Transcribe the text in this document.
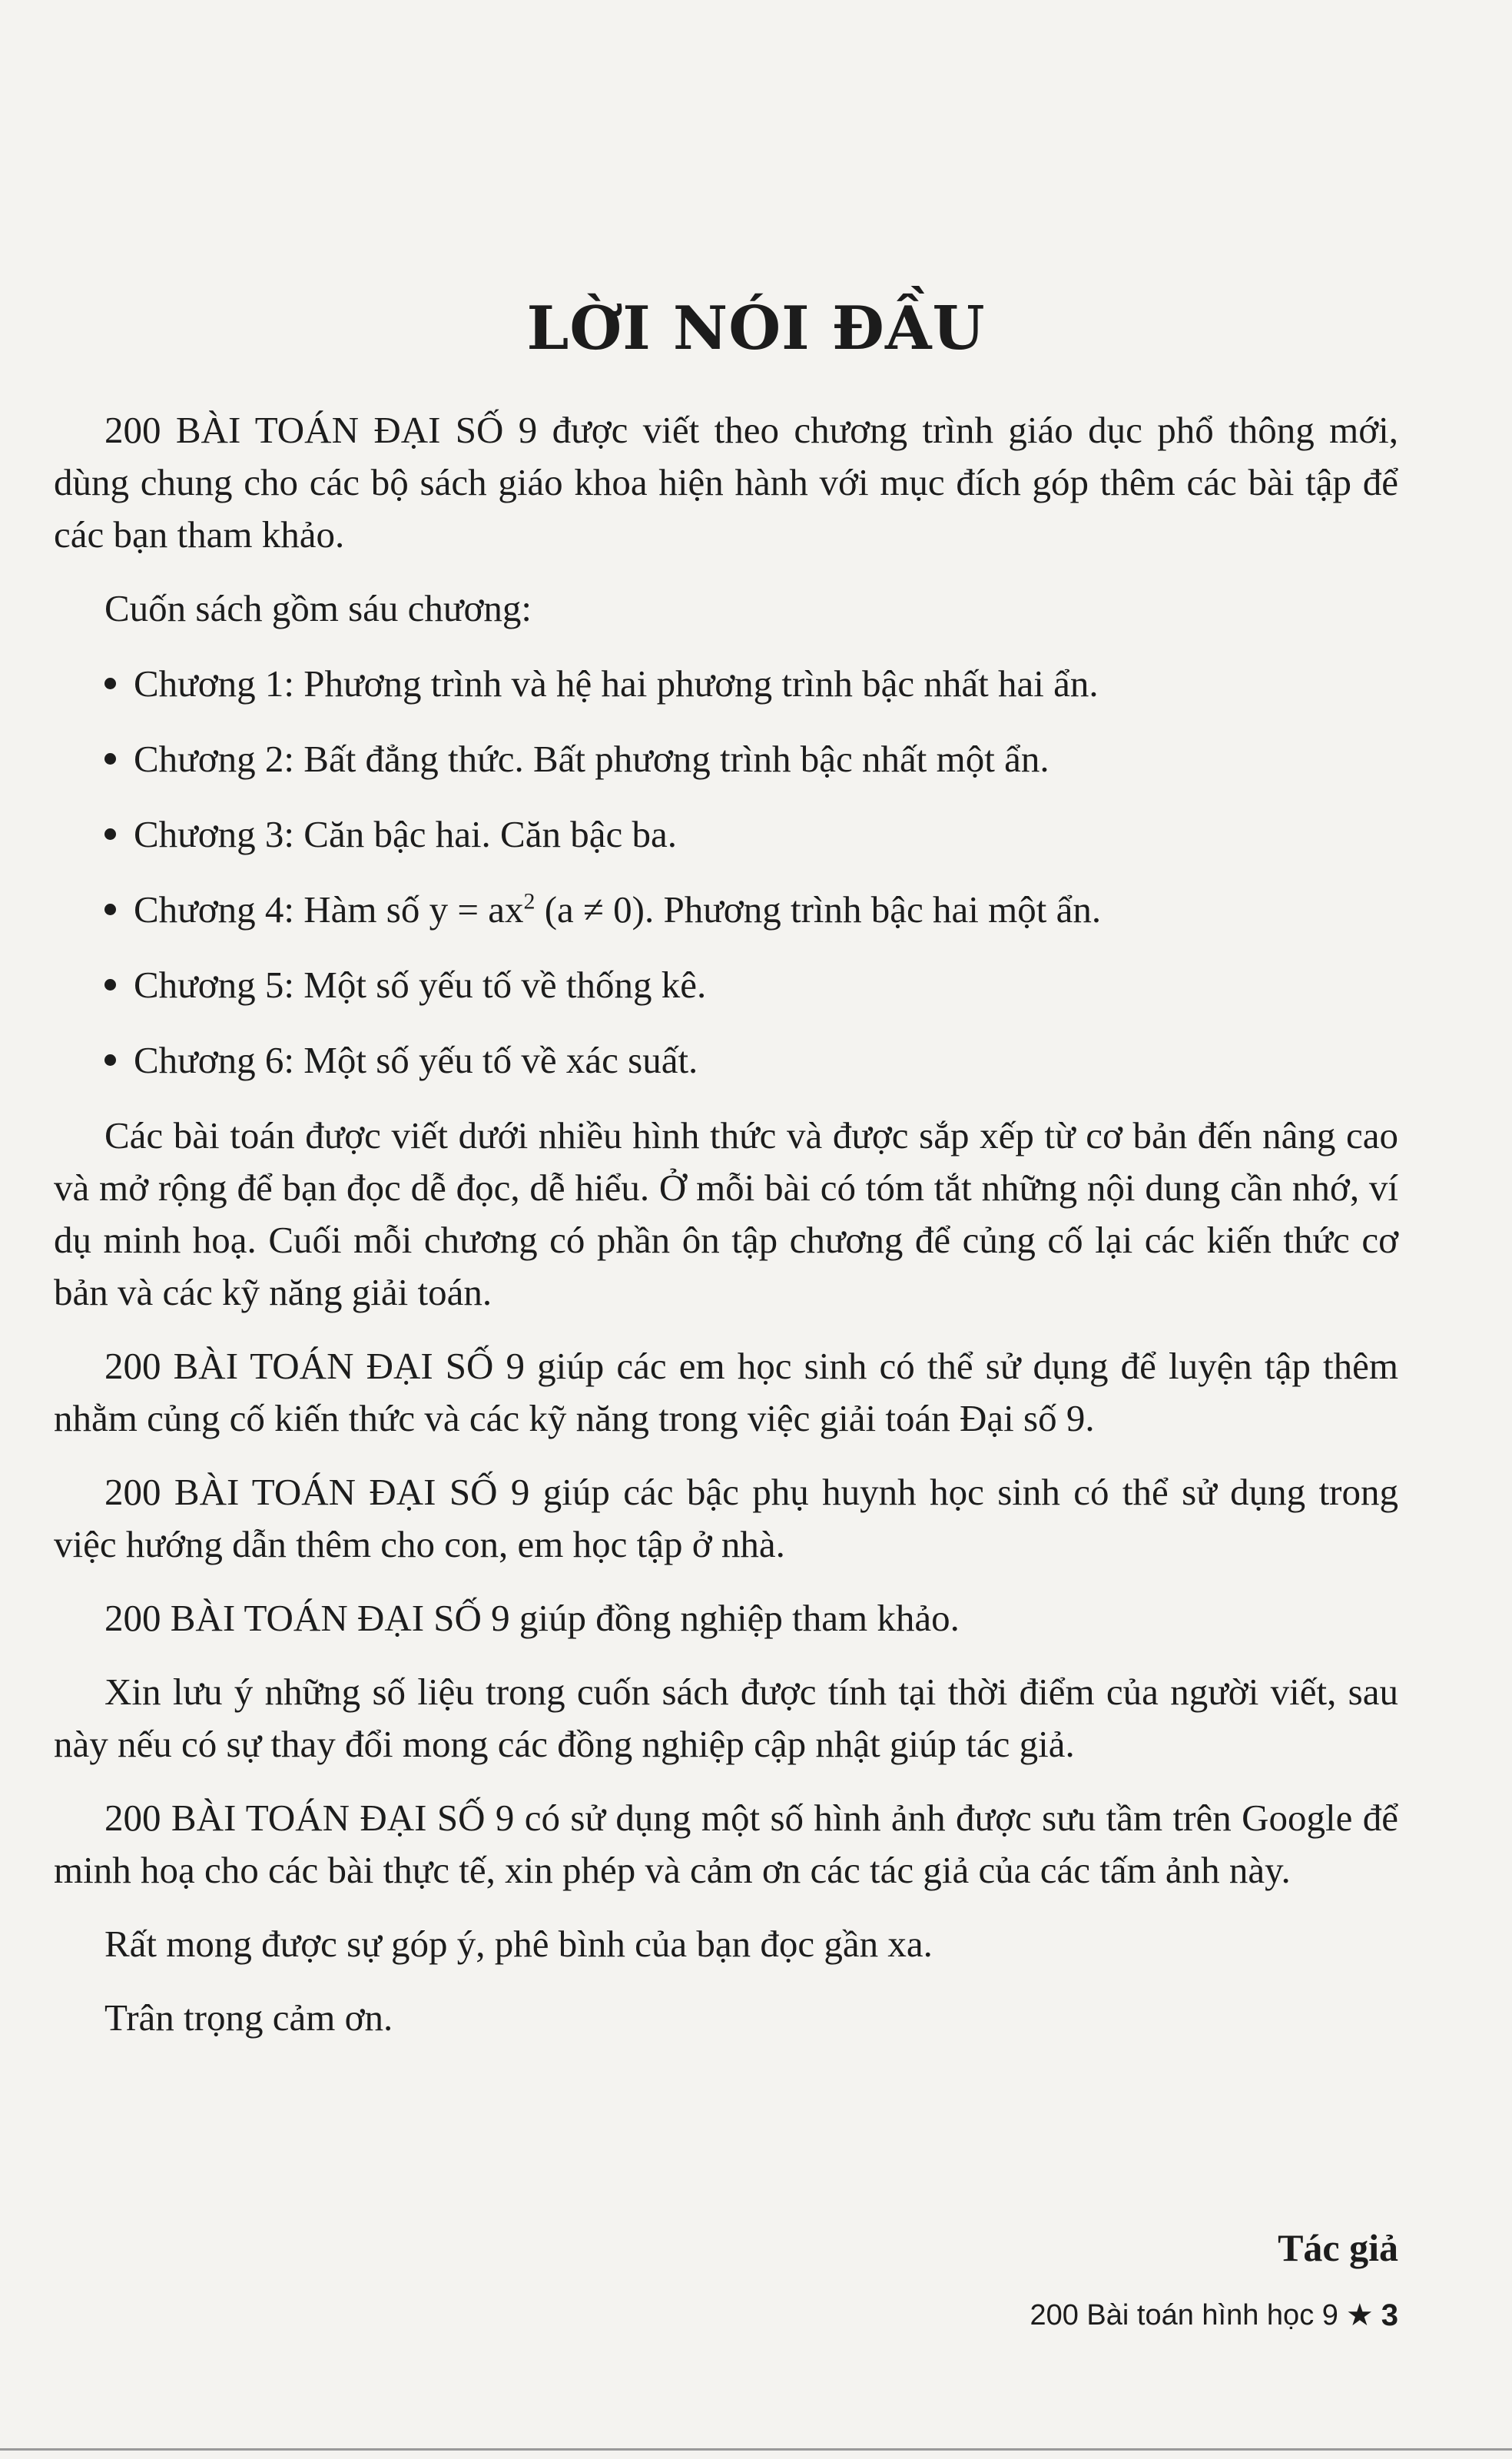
LỜI NÓI ĐẦU

200 BÀI TOÁN ĐẠI SỐ 9 được viết theo chương trình giáo dục phổ thông mới, dùng chung cho các bộ sách giáo khoa hiện hành với mục đích góp thêm các bài tập để các bạn tham khảo.

Cuốn sách gồm sáu chương:

Chương 1: Phương trình và hệ hai phương trình bậc nhất hai ẩn.
Chương 2: Bất đẳng thức. Bất phương trình bậc nhất một ẩn.
Chương 3: Căn bậc hai. Căn bậc ba.
Chương 4: Hàm số $y = ax^2$ (a ≠ 0). Phương trình bậc hai một ẩn.
Chương 5: Một số yếu tố về thống kê.
Chương 6: Một số yếu tố về xác suất.

Các bài toán được viết dưới nhiều hình thức và được sắp xếp từ cơ bản đến nâng cao và mở rộng để bạn đọc dễ đọc, dễ hiểu. Ở mỗi bài có tóm tắt những nội dung cần nhớ, ví dụ minh hoạ. Cuối mỗi chương có phần ôn tập chương để củng cố lại các kiến thức cơ bản và các kỹ năng giải toán.

200 BÀI TOÁN ĐẠI SỐ 9 giúp các em học sinh có thể sử dụng để luyện tập thêm nhằm củng cố kiến thức và các kỹ năng trong việc giải toán Đại số 9.

200 BÀI TOÁN ĐẠI SỐ 9 giúp các bậc phụ huynh học sinh có thể sử dụng trong việc hướng dẫn thêm cho con, em học tập ở nhà.

200 BÀI TOÁN ĐẠI SỐ 9 giúp đồng nghiệp tham khảo.

Xin lưu ý những số liệu trong cuốn sách được tính tại thời điểm của người viết, sau này nếu có sự thay đổi mong các đồng nghiệp cập nhật giúp tác giả.

200 BÀI TOÁN ĐẠI SỐ 9 có sử dụng một số hình ảnh được sưu tầm trên Google để minh hoạ cho các bài thực tế, xin phép và cảm ơn các tác giả của các tấm ảnh này.

Rất mong được sự góp ý, phê bình của bạn đọc gần xa.

Trân trọng cảm ơn.

Tác giả
200 Bài toán hình học 9 ★ 3
